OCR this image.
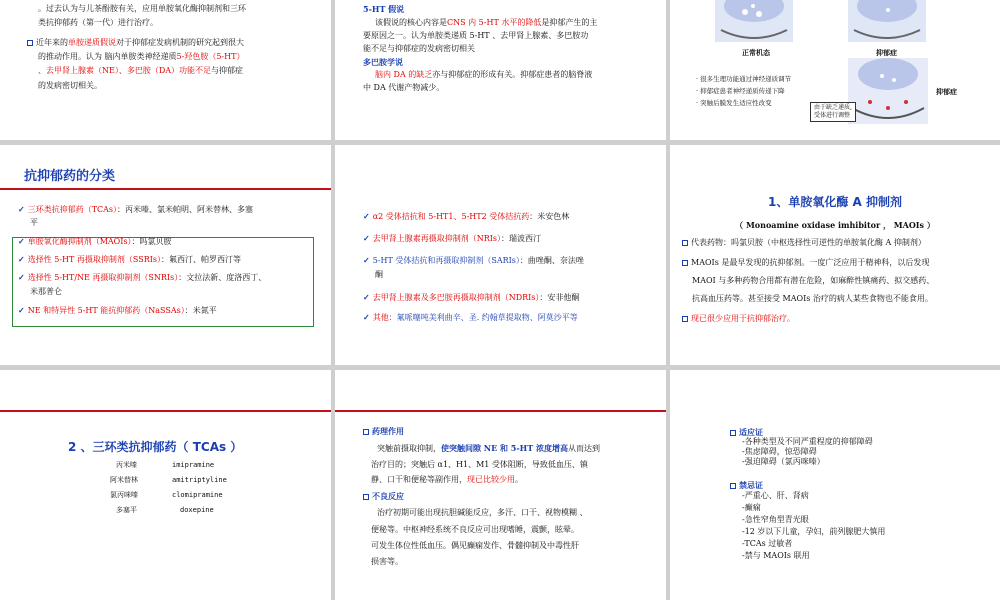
。过去认为与儿茶酚胺有关，应用单胺氧化酶抑制剂和三环
类抗抑郁药（第一代）进行治疗。
近年来的单胺递质假说对于抑郁症发病机制的研究起到很大
的推动作用。认为 脑内单胺类神经递质5-羟色胺（5-HT）
、去甲肾上腺素（NE）、多巴胺（DA）功能不足与抑郁症
的发病密切相关。
5-HT 假说
该假说的核心内容是CNS 内 5-HT 水平的降低是抑郁产生的主
要原因之一。认为单胺类递质 5-HT 、去甲肾上腺素、多巴胺功
能不足与抑郁症的发病密切相关
多巴胺学说
脑内 DA 的缺乏亦与抑郁症的形成有关。抑郁症患者的脑脊液
中 DA 代谢产物减少。
正常机态	抑郁症
抑郁症
· 很多生理功能通过神经递质调节
· 抑郁症患者神经递质传递下降
· 突触后膜发生适应性改变
由于缺乏递质,
受体进行调整
抗抑郁药的分类
✓ 三环类抗抑郁药（TCAs）：丙米嗪、氯米帕明、阿米替林、多塞
平
✓ 单胺氧化酶抑制剂（MAOIs）：吗氯贝胺
✓ 选择性 5-HT 再摄取抑制剂（SSRIs）：氟西汀、帕罗西汀等
✓ 选择性 5-HT/NE 再摄取抑制剂（SNRIs）：文拉法新、度洛西丁、
米那普仑
✓ NE 和特异性 5-HT 能抗抑郁药（NaSSAs）：米氮平
✓ α2 受体拮抗和 5-HT1、5-HT2 受体拮抗药：米安色林
✓ 去甲肾上腺素再摄取抑制剂（NRIs）：瑞波西汀
✓ 5-HT 受体拮抗和再摄取抑制剂（SARIs）：曲唑酮、奈法唑
酮
✓ 去甲肾上腺素及多巴胺再摄取抑制剂（NDRIs）：安非他酮
✓ 其他：氟哌噻吨美利曲辛、圣. 约翰草提取物、阿莫沙平等
1、单胺氧化酶 A 抑制剂
（ Monoamine oxidase imhibitor ， MAOIs ）
代表药物：吗氯贝胺（中枢选择性可逆性的单胺氧化酶 A 抑制剂）
MAOIs 是最早发现的抗抑郁剂。一度广泛应用于精神科，以后发现
MAOI 与多种药物合用都有潜在危险，如麻醉性镇痛药、拟交感药、
抗高血压药等。甚至接受 MAOIs 治疗的病人某些食物也不能食用。
现已很少应用于抗抑郁治疗。
2 、三环类抗抑郁药（ TCAs ）
丙米嗪	imipramine
阿米替林	amitriptyline
氯丙咪嗪	clomipramine
多塞平	doxepine
药理作用
突触前摄取抑制，使突触间隙 NE 和 5-HT 浓度增高从而达到
治疗目的；突触后 α1、H1、M1 受体阻断，导致低血压、镇
静、口干和便秘等副作用，现已比较少用。
不良反应
治疗初期可能出现抗胆碱能反应，多汗、口干、视物模糊 、
便秘等。中枢神经系统不良反应可出现嗜睡，震颤，眩晕。
可发生体位性低血压。偶见癫痫发作、骨髓抑制及中毒性肝
损害等。
适应证
-各种类型及不同严重程度的抑郁障碍
-焦虑障碍，惊恐障碍
-强迫障碍（氯丙咪嗪）
禁忌证
-严重心、肝、肾病
-癫痫
-急性窄角型青光眼
-12 岁以下儿童，孕妇，前列腺肥大慎用
-TCAs 过敏者
-禁与 MAOIs 联用
